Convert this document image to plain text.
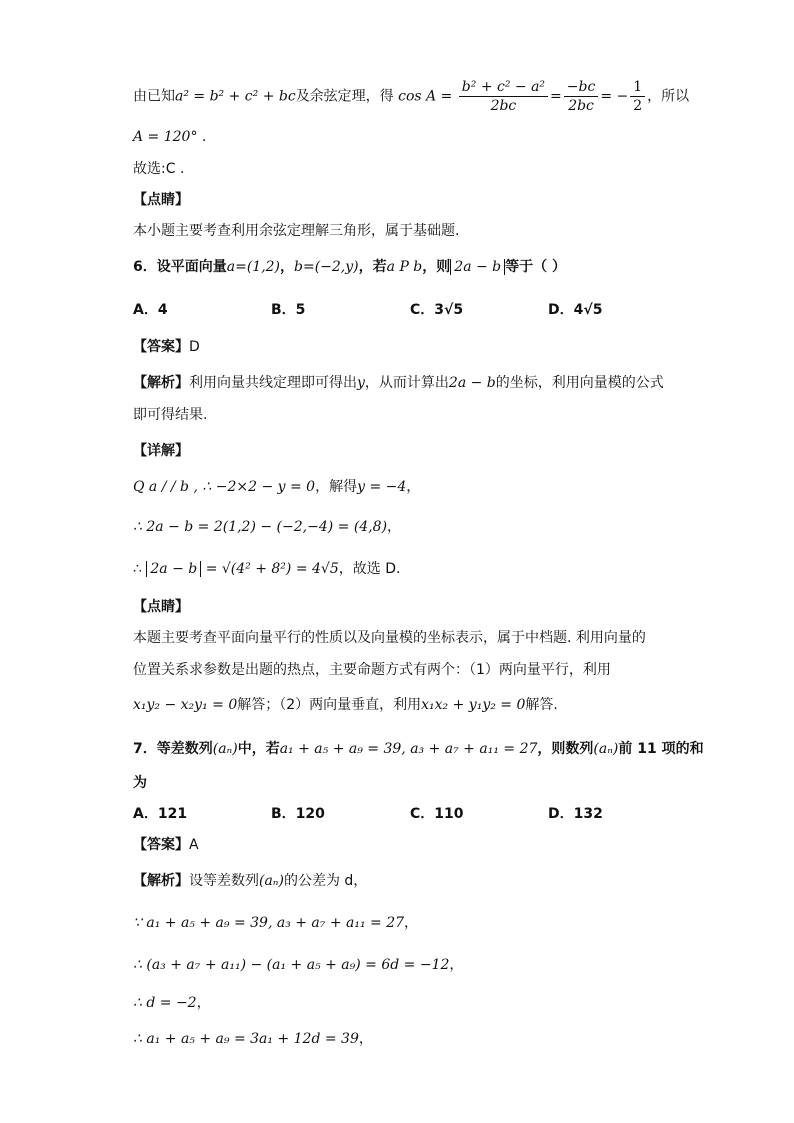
由已知a² = b² + c² + bc及余弦定理，得 $\cos A = \frac{\text{b² + c² − a²}}{2bc} = \frac{-bc}{2bc}$ = − $\frac{1}{2}$ ，所以
A = 120° .
故选:C .
【点睛】
本小题主要考查利用余弦定理解三角形，属于基础题.
6．设平面向量a=(1,2)，b=(−2,y)，若a P b，则 2a − b 等于（ ）
A．4	B．5	C．3√5	D．4√5
【答案】D
【解析】利用向量共线定理即可得出y，从而计算出2a − b的坐标，利用向量模的公式
即可得结果.
【详解】
Q a / / b , ∴ −2×2 − y = 0，解得y = −4，
∴ 2a − b = 2(1,2) − (−2,−4) = (4,8)，
∴ 2a − b = √(4² + 8²) = 4√5，故选 D.
【点睛】
本题主要考查平面向量平行的性质以及向量模的坐标表示，属于中档题. 利用向量的
位置关系求参数是出题的热点，主要命题方式有两个：（1）两向量平行，利用
x₁y₂ − x₂y₁ = 0解答；（2）两向量垂直，利用x₁x₂ + y₁y₂ = 0解答.
7．等差数列(aₙ)中，若a₁ + a₅ + a₉ = 39, a₃ + a₇ + a₁₁ = 27，则数列(aₙ)前 11 项的和
为
A．121	B．120	C．110	D．132
【答案】A
【解析】设等差数列(aₙ)的公差为 d，
∵ a₁ + a₅ + a₉ = 39, a₃ + a₇ + a₁₁ = 27，
∴ (a₃ + a₇ + a₁₁) − (a₁ + a₅ + a₉) = 6d = −12，
∴ d = −2，
∴ a₁ + a₅ + a₉ = 3a₁ + 12d = 39，
